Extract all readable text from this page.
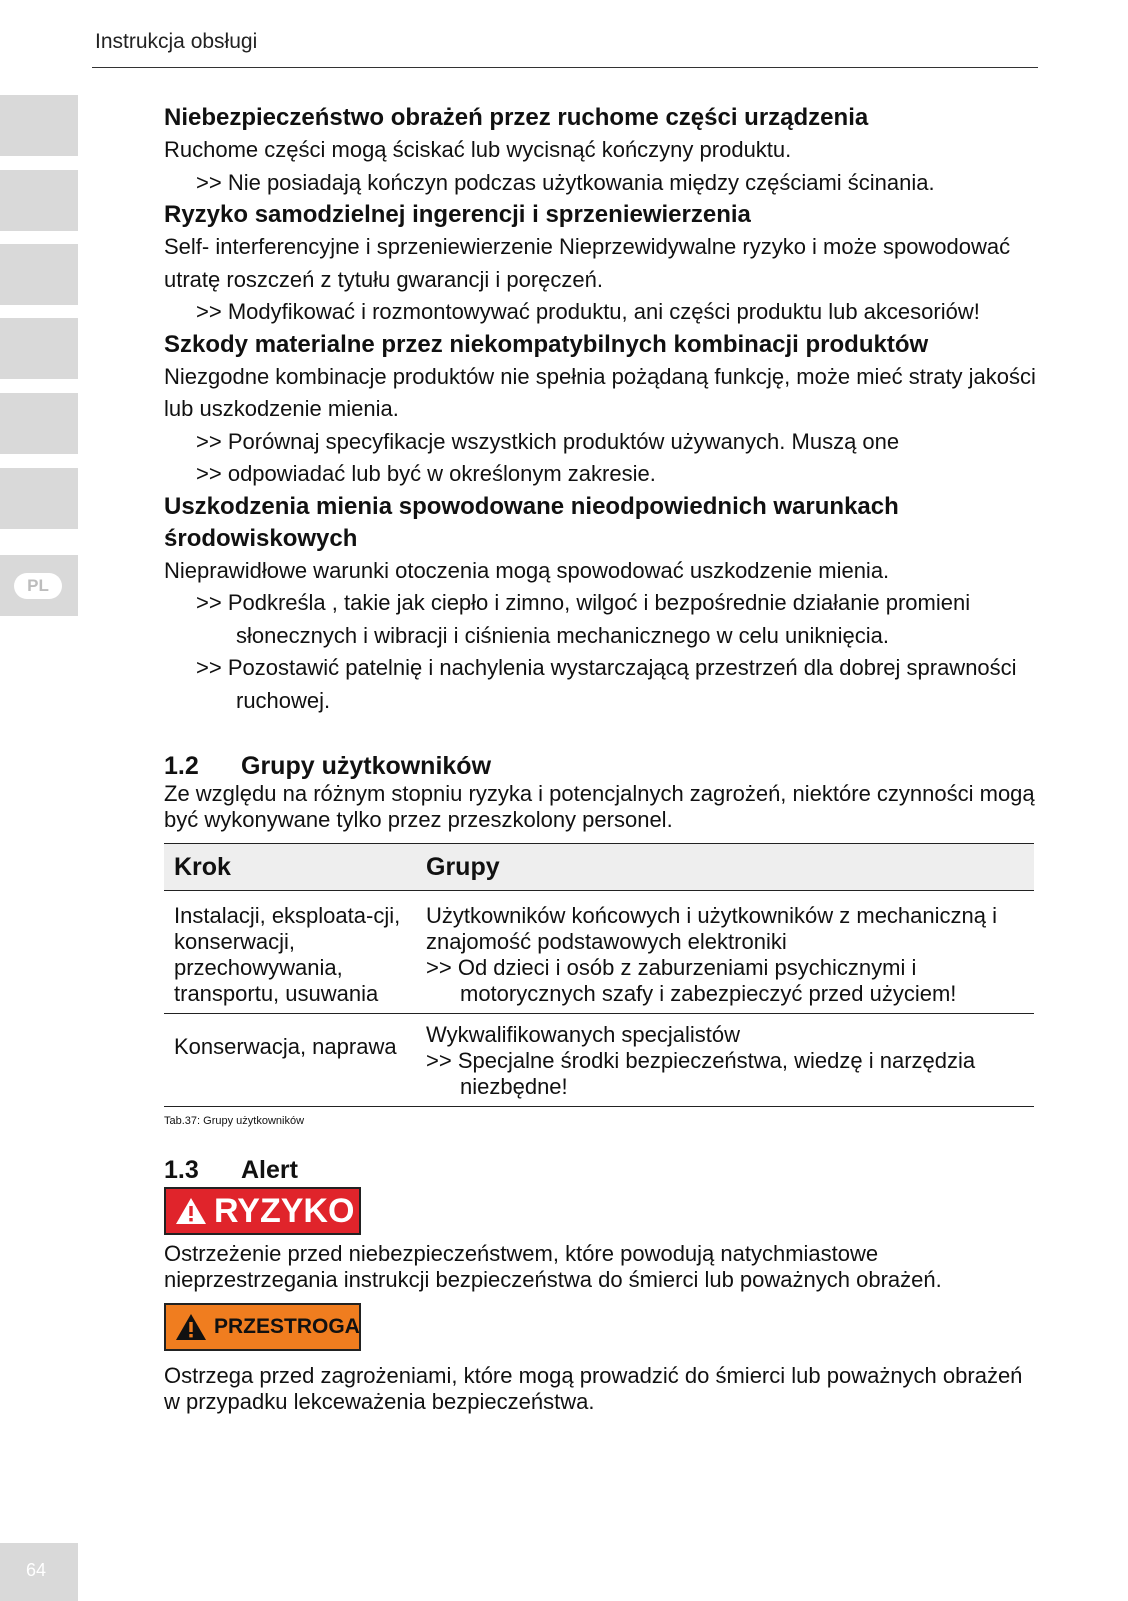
Instrukcja obsługi
PL
64

Niebezpieczeństwo obrażeń przez ruchome części urządzenia

Ruchome części mogą ściskać lub wycisnąć kończyny produktu.

>> Nie posiadają kończyn podczas użytkowania między częściami ścinania.

Ryzyko samodzielnej ingerencji i sprzeniewierzenia

Self- interferencyjne i sprzeniewierzenie Nieprzewidywalne ryzyko i może spowodować utratę roszczeń z tytułu gwarancji i poręczeń.

>> Modyfikować i rozmontowywać produktu, ani części produktu lub akcesoriów!

Szkody materialne przez niekompatybilnych kombinacji produktów

Niezgodne kombinacje produktów nie spełnia pożądaną funkcję, może mieć straty jakości lub uszkodzenie mienia.

>> Porównaj specyfikacje wszystkich produktów używanych. Muszą one

>> odpowiadać lub być w określonym zakresie.

Uszkodzenia mienia spowodowane nieodpowiednich warunkach środowiskowych

Nieprawidłowe warunki otoczenia mogą spowodować uszkodzenie mienia.

>> Podkreśla , takie jak ciepło i zimno, wilgoć i bezpośrednie działanie promieni słonecznych i wibracji i ciśnienia mechanicznego w celu uniknięcia.

>> Pozostawić patelnię i nachylenia wystarczającą przestrzeń dla dobrej sprawności ruchowej.

1.2 Grupy użytkowników

Ze względu na różnym stopniu ryzyka i potencjalnych zagrożeń, niektóre czynności mogą być wykonywane tylko przez przeszkolony personel.

Krok	Grupy
Instalacji, eksploata-cji, konserwacji, przechowywania, transportu, usuwania	Użytkowników końcowych i użytkowników z mechaniczną i znajomość podstawowych elektroniki
>> Od dzieci i osób z zaburzeniami psychicznymi i motorycznych szafy i zabezpieczyć przed użyciem!

Konserwacja, naprawa	Wykwalifikowanych specjalistów
>> Specjalne środki bezpieczeństwa, wiedzę i narzędzia niezbędne!
Tab.37: Grupy użytkowników

1.3 Alert

RYZYKO

Ostrzeżenie przed niebezpieczeństwem, które powodują natychmiastowe nieprzestrzegania instrukcji bezpieczeństwa do śmierci lub poważnych obrażeń.

PRZESTROGA

Ostrzega przed zagrożeniami, które mogą prowadzić do śmierci lub poważnych obrażeń w przypadku lekceważenia bezpieczeństwa.
